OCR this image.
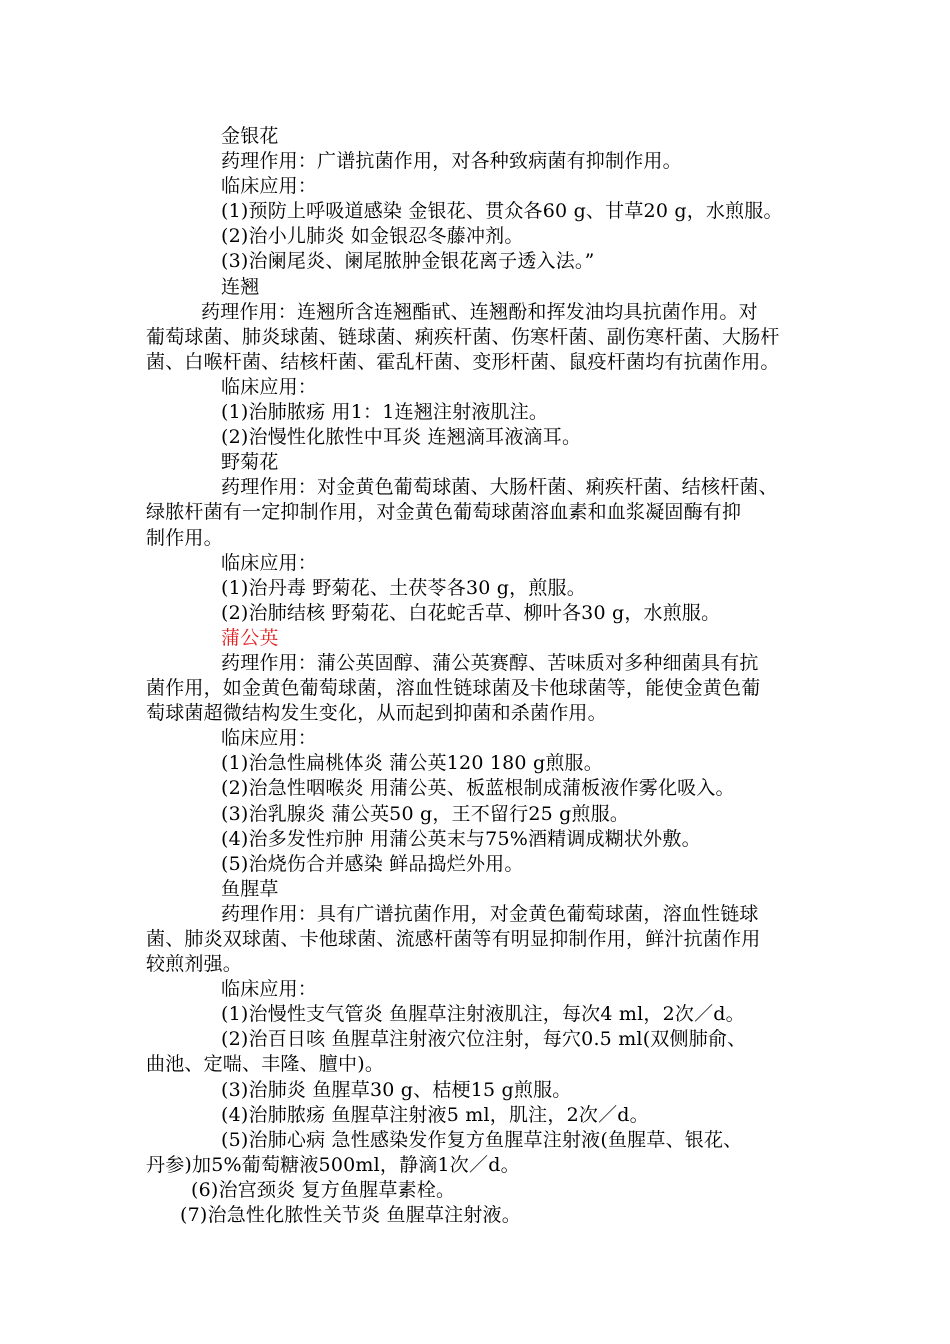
金银花
药理作用：广谱抗菌作用，对各种致病菌有抑制作用。
临床应用：
(1)预防上呼吸道感染 金银花、贯众各60 g、甘草20 g，水煎服。
(2)治小儿肺炎 如金银忍冬藤冲剂。
(3)治阑尾炎、阑尾脓肿金银花离子透入法。”
连翘
药理作用：连翘所含连翘酯甙、连翘酚和挥发油均具抗菌作用。对
葡萄球菌、肺炎球菌、链球菌、痢疾杆菌、伤寒杆菌、副伤寒杆菌、大肠杆
菌、白喉杆菌、结核杆菌、霍乱杆菌、变形杆菌、鼠疫杆菌均有抗菌作用。
临床应用：
(1)治肺脓疡 用1：1连翘注射液肌注。
(2)治慢性化脓性中耳炎 连翘滴耳液滴耳。
野菊花
药理作用：对金黄色葡萄球菌、大肠杆菌、痢疾杆菌、结核杆菌、
绿脓杆菌有一定抑制作用，对金黄色葡萄球菌溶血素和血浆凝固酶有抑
制作用。
临床应用：
(1)治丹毒 野菊花、土茯苓各30 g，煎服。
(2)治肺结核 野菊花、白花蛇舌草、柳叶各30 g，水煎服。
蒲公英
药理作用：蒲公英固醇、蒲公英赛醇、苦味质对多种细菌具有抗
菌作用，如金黄色葡萄球菌，溶血性链球菌及卡他球菌等，能使金黄色葡
萄球菌超微结构发生变化，从而起到抑菌和杀菌作用。
临床应用：
(1)治急性扁桃体炎 蒲公英120 180 g煎服。
(2)治急性咽喉炎 用蒲公英、板蓝根制成蒲板液作雾化吸入。
(3)治乳腺炎 蒲公英50 g，王不留行25 g煎服。
(4)治多发性疖肿 用蒲公英末与75%酒精调成糊状外敷。
(5)治烧伤合并感染 鲜品捣烂外用。
鱼腥草
药理作用：具有广谱抗菌作用，对金黄色葡萄球菌，溶血性链球
菌、肺炎双球菌、卡他球菌、流感杆菌等有明显抑制作用，鲜汁抗菌作用
较煎剂强。
临床应用：
(1)治慢性支气管炎 鱼腥草注射液肌注，每次4 ml，2次／d。
(2)治百日咳 鱼腥草注射液穴位注射，每穴0.5 ml(双侧肺俞、
曲池、定喘、丰隆、膻中)。
(3)治肺炎 鱼腥草30 g、桔梗15 g煎服。
(4)治肺脓疡 鱼腥草注射液5 ml，肌注，2次／d。
(5)治肺心病 急性感染发作复方鱼腥草注射液(鱼腥草、银花、
丹参)加5%葡萄糖液500ml，静滴1次／d。
(6)治宫颈炎 复方鱼腥草素栓。
(7)治急性化脓性关节炎 鱼腥草注射液。
